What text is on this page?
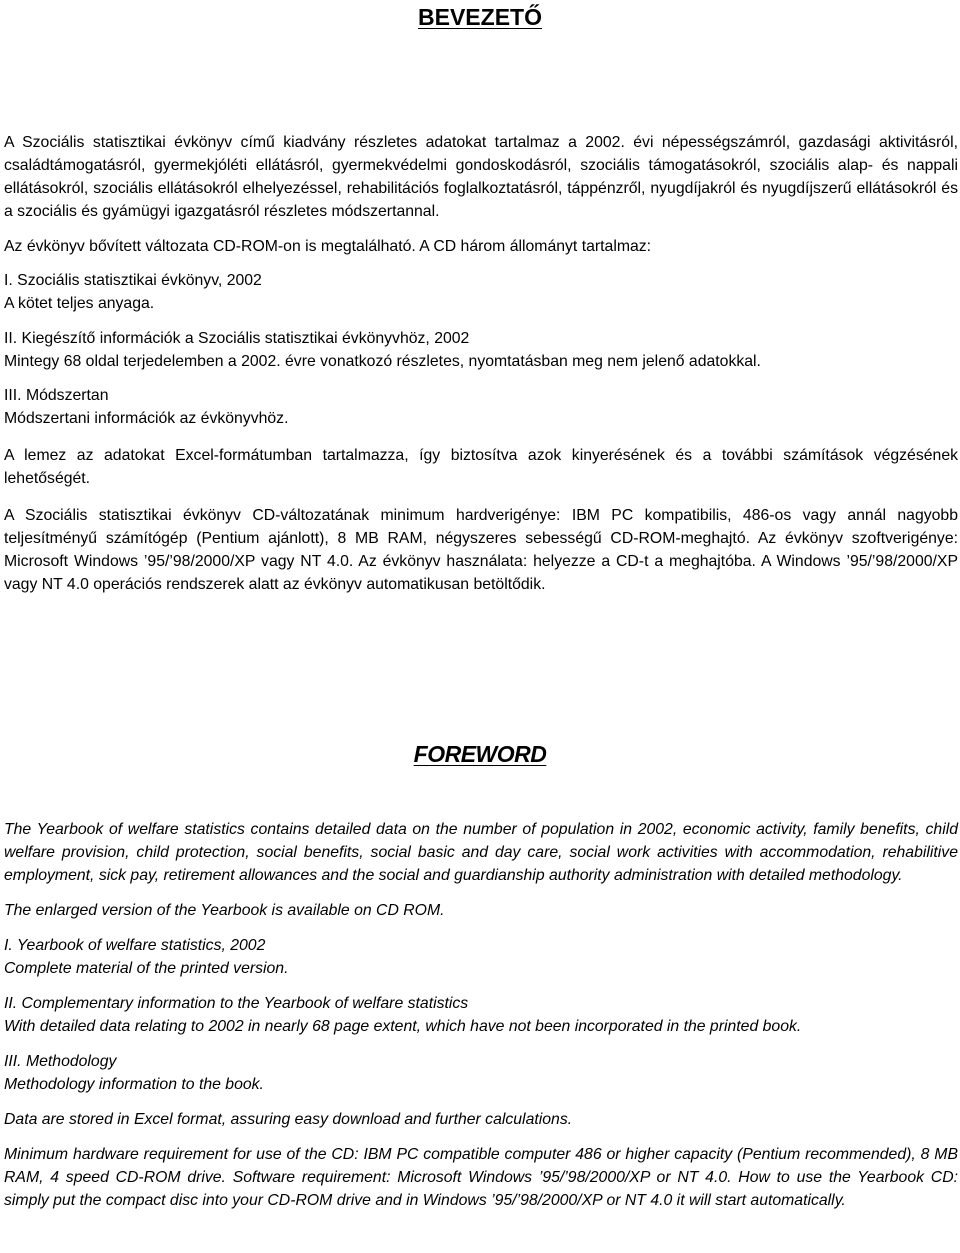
BEVEZETŐ

A Szociális statisztikai évkönyv című kiadvány részletes adatokat tartalmaz a 2002. évi népességszámról, gazdasági aktivitásról, családtámogatásról, gyermekjóléti ellátásról, gyermekvédelmi gondoskodásról, szociális támogatásokról, szociális alap- és nappali ellátásokról, szociális ellátásokról elhelyezéssel, rehabilitációs foglalkoztatásról, táppénzről, nyugdíjakról és nyugdíjszerű ellátásokról és a szociális és gyámügyi igazgatásról részletes módszertannal.

Az évkönyv bővített változata CD-ROM-on is megtalálható. A CD három állományt tartalmaz:

I. Szociális statisztikai évkönyv, 2002
A kötet teljes anyaga.
II. Kiegészítő információk a Szociális statisztikai évkönyvhöz, 2002
Mintegy 68 oldal terjedelemben a 2002. évre vonatkozó részletes, nyomtatásban meg nem jelenő adatokkal.
III. Módszertan
Módszertani információk az évkönyvhöz.

A lemez az adatokat Excel-formátumban tartalmazza, így biztosítva azok kinyerésének és a további számítások végzésének lehetőségét.

A Szociális statisztikai évkönyv CD-változatának minimum hardverigénye: IBM PC kompatibilis, 486-os vagy annál nagyobb teljesítményű számítógép (Pentium ajánlott), 8 MB RAM, négyszeres sebességű CD-ROM-meghajtó. Az évkönyv szoftverigénye: Microsoft Windows ’95/’98/2000/XP vagy NT 4.0. Az évkönyv használata: helyezze a CD-t a meghajtóba. A Windows ’95/’98/2000/XP vagy NT 4.0 operációs rendszerek alatt az évkönyv automatikusan betöltődik.

FOREWORD

The Yearbook of welfare statistics contains detailed data on the number of population in 2002, economic activity, family benefits, child welfare provision, child protection, social benefits, social basic and day care, social work activities with accommodation, rehabilitive employment, sick pay, retirement allowances and the social and guardianship authority administration with detailed methodology.

The enlarged version of the Yearbook is available on CD ROM.

I. Yearbook of welfare statistics, 2002
Complete material of the printed version.
II. Complementary information to the Yearbook of welfare statistics
With detailed data relating to 2002 in nearly 68 page extent, which have not been incorporated in the printed book.
III. Methodology
Methodology information to the book.

Data are stored in Excel format, assuring easy download and further calculations.

Minimum hardware requirement for use of the CD: IBM PC compatible computer 486 or higher capacity (Pentium recommended), 8 MB RAM, 4 speed CD-ROM drive. Software requirement: Microsoft Windows ’95/’98/2000/XP or NT 4.0. How to use the Yearbook CD: simply put the compact disc into your CD-ROM drive and in Windows ’95/’98/2000/XP or NT 4.0 it will start automatically.
